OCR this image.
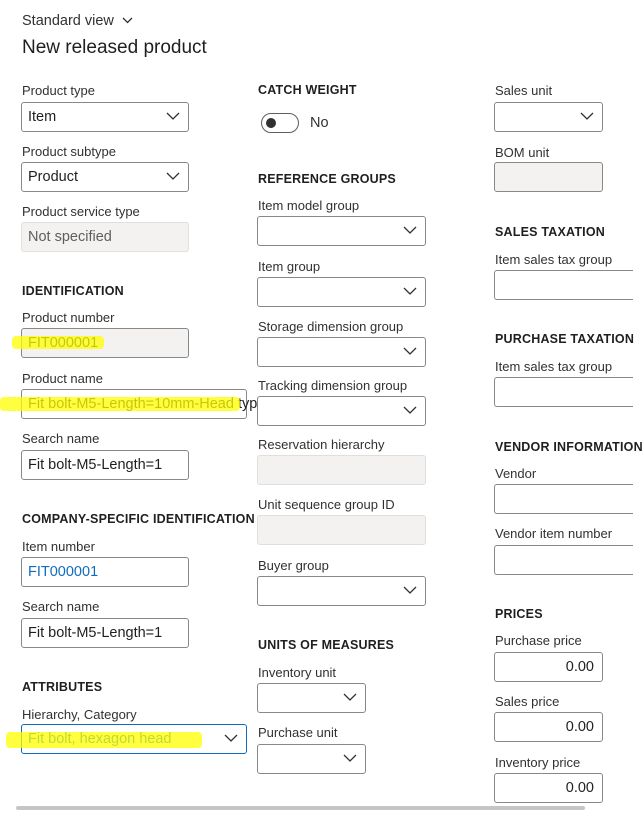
Standard view
New released product
Product type
Item
Product subtype
Product
Product service type
Not specified
IDENTIFICATION
Product number
Product name
Search name
Fit bolt-M5-Length=1
COMPANY-SPECIFIC IDENTIFICATION
Item number
FIT000001
Search name
Fit bolt-M5-Length=1
ATTRIBUTES
Hierarchy, Category
CATCH WEIGHT
No
REFERENCE GROUPS
Item model group
Item group
Storage dimension group
Tracking dimension group
Reservation hierarchy
Unit sequence group ID
Buyer group
UNITS OF MEASURES
Inventory unit
Purchase unit
Sales unit
BOM unit
SALES TAXATION
Item sales tax group
PURCHASE TAXATION
Item sales tax group
VENDOR INFORMATION
Vendor
Vendor item number
PRICES
Purchase price
0.00
Sales price
0.00
Inventory price
0.00
